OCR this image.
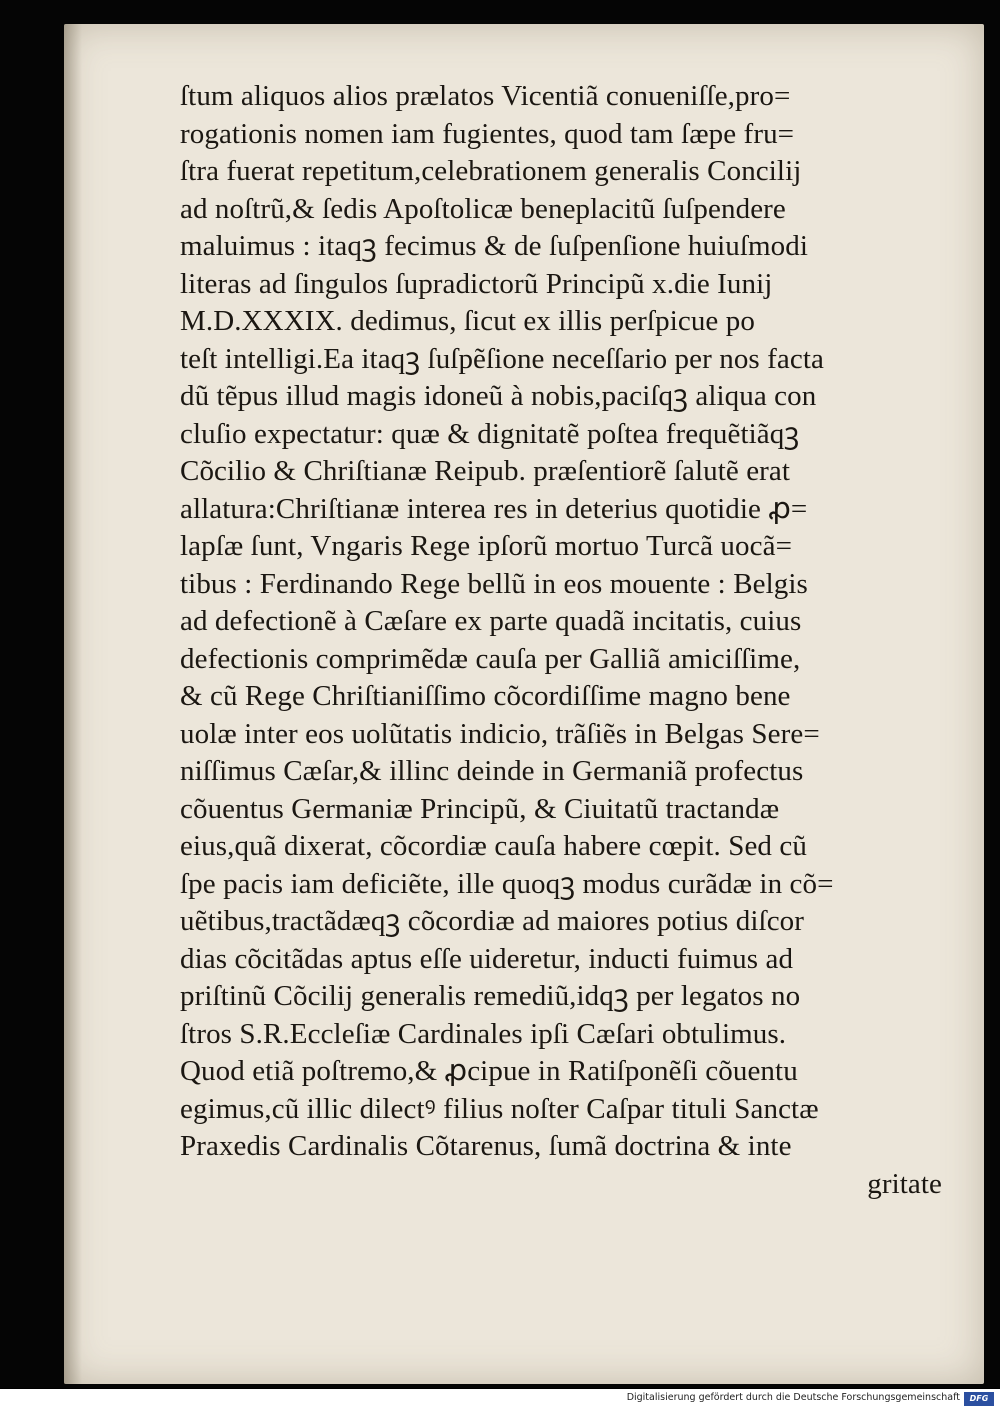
ſtum aliquos alios prælatos Vicentiã conueniſſe,pro=
rogationis nomen iam fugientes, quod tam ſæpe fru=
ſtra fuerat repetitum,celebrationem generalis Concilij
ad noſtrũ,& ſedis Apoſtolicæ beneplacitũ ſuſpendere
maluimus : itaqꝫ fecimus & de ſuſpenſione huiuſmodi
literas ad ſingulos ſupradictorũ Principũ x.die Iunij
M.D.XXXIX. dedimus, ſicut ex illis perſpicue po
teſt intelligi.Ea itaqꝫ ſuſpẽſione neceſſario per nos facta
dũ tẽpus illud magis idoneũ à nobis,paciſqꝫ aliqua con
cluſio expectatur: quæ & dignitatẽ poſtea frequẽtiãqꝫ
Cõcilio & Chriſtianæ Reipub. præſentiorẽ ſalutẽ erat
allatura:Chriſtianæ interea res in deterius quotidie ꝓ=
lapſæ ſunt, Vngaris Rege ipſorũ mortuo Turcã uocã=
tibus : Ferdinando Rege bellũ in eos mouente : Belgis
ad defectionẽ à Cæſare ex parte quadã incitatis, cuius
defectionis comprimẽdæ cauſa per Galliã amiciſſime,
& cũ Rege Chriſtianiſſimo cõcordiſſime magno bene
uolæ inter eos uolũtatis indicio, trãſiẽs in Belgas Sere=
niſſimus Cæſar,& illinc deinde in Germaniã profectus
cõuentus Germaniæ Principũ, & Ciuitatũ tractandæ
eius,quã dixerat, cõcordiæ cauſa habere cœpit. Sed cũ
ſpe pacis iam deficiẽte, ille quoqꝫ modus curãdæ in cõ=
uẽtibus,tractãdæqꝫ cõcordiæ ad maiores potius diſcor
dias cõcitãdas aptus eſſe uideretur, inducti fuimus ad
priſtinũ Cõcilij generalis remediũ,idqꝫ per legatos no
ſtros S.R.Eccleſiæ Cardinales ipſi Cæſari obtulimus.
Quod etiã poſtremo,& ꝓcipue in Ratiſponẽſi cõuentu
egimus,cũ illic dilectꝰ filius noſter Caſpar tituli Sanctæ
Praxedis Cardinalis Cõtarenus, ſumã doctrina & inte
gritate
Digitalisierung gefördert durch die Deutsche Forschungsgemeinschaft	DFG
